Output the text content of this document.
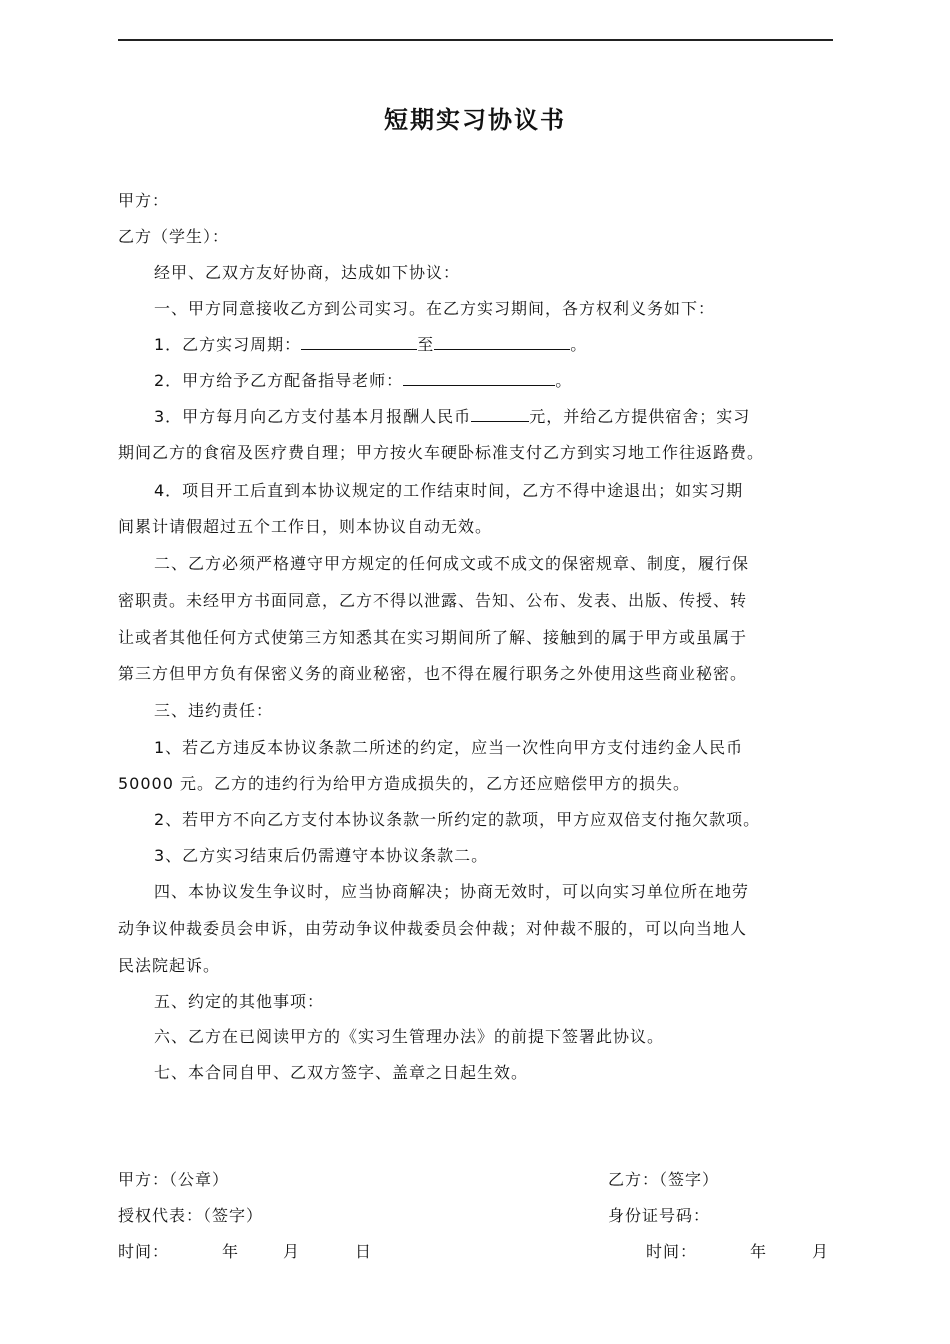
短期实习协议书
甲方：
乙方（学生）：
经甲、乙双方友好协商，达成如下协议：
一、甲方同意接收乙方到公司实习。在乙方实习期间，各方权利义务如下：
1．乙方实习周期：	至	。
2．甲方给予乙方配备指导老师：	。
3．甲方每月向乙方支付基本月报酬人民币	元，并给乙方提供宿舍；实习
期间乙方的食宿及医疗费自理；甲方按火车硬卧标准支付乙方到实习地工作往返路费。
4．项目开工后直到本协议规定的工作结束时间，乙方不得中途退出；如实习期
间累计请假超过五个工作日，则本协议自动无效。
二、乙方必须严格遵守甲方规定的任何成文或不成文的保密规章、制度，履行保
密职责。未经甲方书面同意，乙方不得以泄露、告知、公布、发表、出版、传授、转
让或者其他任何方式使第三方知悉其在实习期间所了解、接触到的属于甲方或虽属于
第三方但甲方负有保密义务的商业秘密，也不得在履行职务之外使用这些商业秘密。
三、违约责任：
1、若乙方违反本协议条款二所述的约定，应当一次性向甲方支付违约金人民币
50000 元。乙方的违约行为给甲方造成损失的，乙方还应赔偿甲方的损失。
2、若甲方不向乙方支付本协议条款一所约定的款项，甲方应双倍支付拖欠款项。
3、乙方实习结束后仍需遵守本协议条款二。
四、本协议发生争议时，应当协商解决；协商无效时，可以向实习单位所在地劳
动争议仲裁委员会申诉，由劳动争议仲裁委员会仲裁；对仲裁不服的，可以向当地人
民法院起诉。
五、约定的其他事项：
六、乙方在已阅读甲方的《实习生管理办法》的前提下签署此协议。
七、本合同自甲、乙双方签字、盖章之日起生效。
甲方：（公章）	乙方：（签字）
授权代表：（签字）	身份证号码：
时间：	年	月	日	时间：	年	月
